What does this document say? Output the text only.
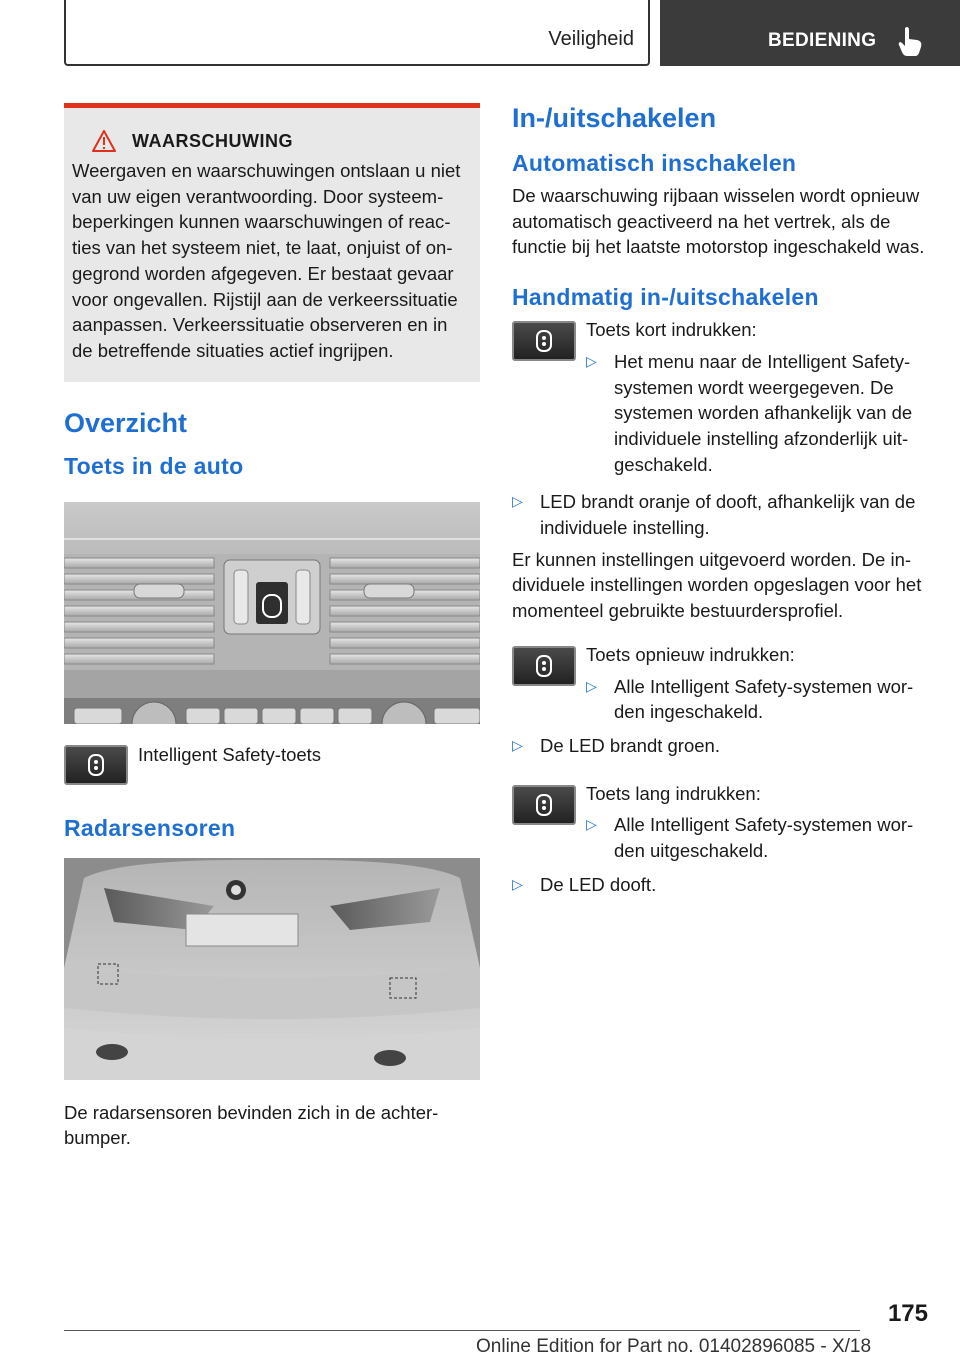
Veiligheid	BEDIENING
WAARSCHUWING

Weergaven en waarschuwingen ontslaan u niet van uw eigen verantwoording. Door systeembeperkingen kunnen waarschuwingen of reacties van het systeem niet, te laat, onjuist of ongegrond worden afgegeven. Er bestaat gevaar voor ongevallen. Rijstijl aan de verkeerssituatie aanpassen. Verkeerssituatie observeren en in de betreffende situaties actief ingrijpen.

Overzicht
Toets in de auto
Intelligent Safety-toets
Radarsensoren

De radarsensoren bevinden zich in de achterbumper.

In-/uitschakelen
Automatisch inschakelen

De waarschuwing rijbaan wisselen wordt opnieuw automatisch geactiveerd na het vertrek, als de functie bij het laatste motorstop ingeschakeld was.

Handmatig in-/uitschakelen
Toets kort indrukken:
▷ Het menu naar de Intelligent Safety-systemen wordt weergegeven. De systemen worden afhankelijk van de individuele instelling afzonderlijk uitgeschakeld.
▷ LED brandt oranje of dooft, afhankelijk van de individuele instelling.

Er kunnen instellingen uitgevoerd worden. De individuele instellingen worden opgeslagen voor het momenteel gebruikte bestuurdersprofiel.

Toets opnieuw indrukken:
▷ Alle Intelligent Safety-systemen worden ingeschakeld.
▷ De LED brandt groen.
Toets lang indrukken:
▷ Alle Intelligent Safety-systemen worden uitgeschakeld.
▷ De LED dooft.
175
Online Edition for Part no. 01402896085 - X/18
